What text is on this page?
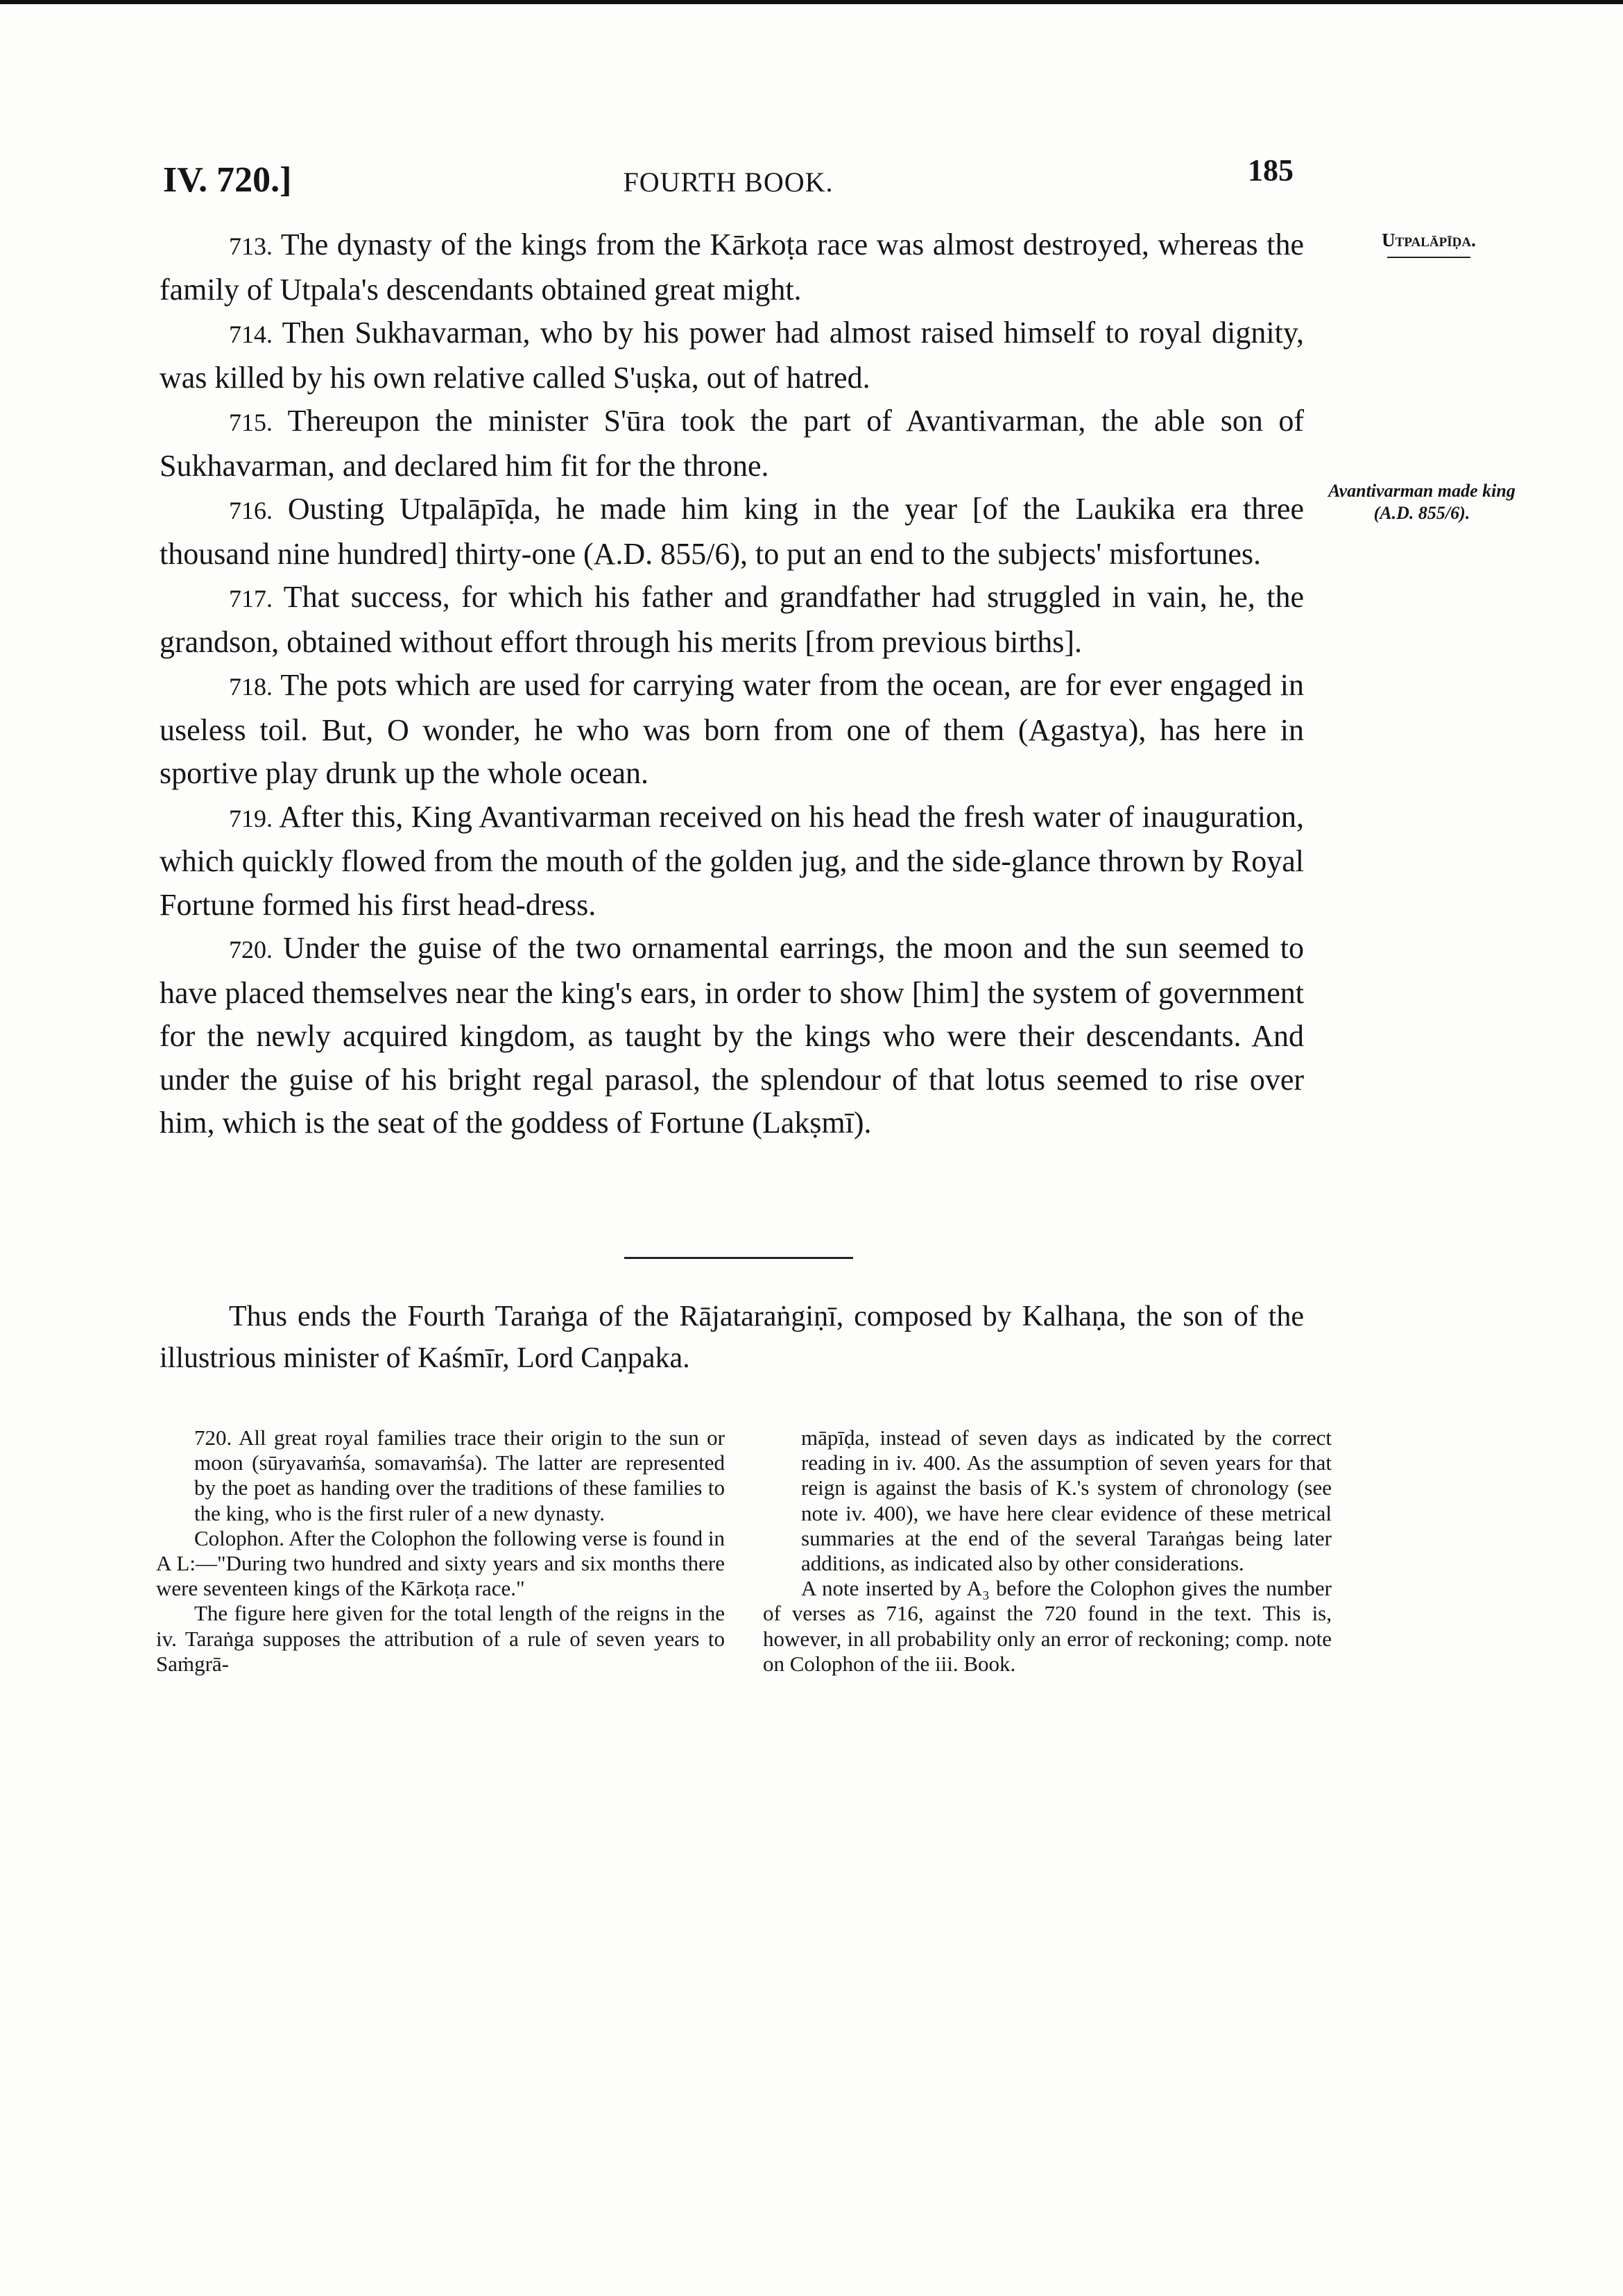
IV. 720.]	FOURTH BOOK.	185
Utpalāpīḍa.
Avantivarman made king (A.D. 855/6).

713. The dynasty of the kings from the Kārkoṭa race was almost destroyed, whereas the family of Utpala's descendants obtained great might.

714. Then Sukhavarman, who by his power had almost raised himself to royal dignity, was killed by his own relative called S'uṣka, out of hatred.

715. Thereupon the minister S'ūra took the part of Avantivarman, the able son of Sukhavarman, and declared him fit for the throne.

716. Ousting Utpalāpīḍa, he made him king in the year [of the Laukika era three thousand nine hundred] thirty-one (A.D. 855/6), to put an end to the subjects' misfortunes.

717. That success, for which his father and grandfather had struggled in vain, he, the grandson, obtained without effort through his merits [from previous births].

718. The pots which are used for carrying water from the ocean, are for ever engaged in useless toil. But, O wonder, he who was born from one of them (Agastya), has here in sportive play drunk up the whole ocean.

719. After this, King Avantivarman received on his head the fresh water of inauguration, which quickly flowed from the mouth of the golden jug, and the side-glance thrown by Royal Fortune formed his first head-dress.

720. Under the guise of the two ornamental earrings, the moon and the sun seemed to have placed themselves near the king's ears, in order to show [him] the system of government for the newly acquired kingdom, as taught by the kings who were their descendants. And under the guise of his bright regal parasol, the splendour of that lotus seemed to rise over him, which is the seat of the goddess of Fortune (Lakṣmī).

Thus ends the Fourth Taraṅga of the Rājataraṅgiṇī, composed by Kalhaṇa, the son of the illustrious minister of Kaśmīr, Lord Caṇpaka.

720. All great royal families trace their origin to the sun or moon (sūryavaṁśa, somavaṁśa). The latter are represented by the poet as handing over the traditions of these families to the king, who is the first ruler of a new dynasty.

Colophon. After the Colophon the following verse is found in A L:—"During two hundred and sixty years and six months there were seventeen kings of the Kārkoṭa race."

The figure here given for the total length of the reigns in the iv. Taraṅga supposes the attribution of a rule of seven years to Saṁgrā-

māpīḍa, instead of seven days as indicated by the correct reading in iv. 400. As the assumption of seven years for that reign is against the basis of K.'s system of chronology (see note iv. 400), we have here clear evidence of these metrical summaries at the end of the several Taraṅgas being later additions, as indicated also by other considerations.

A note inserted by A₃ before the Colophon gives the number of verses as 716, against the 720 found in the text. This is, however, in all probability only an error of reckoning; comp. note on Colophon of the iii. Book.
